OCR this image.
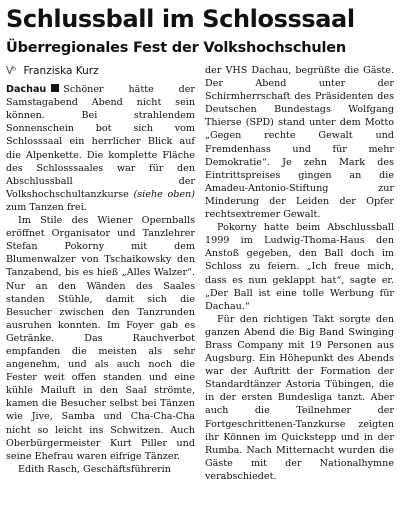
Schlussball im Schlosssaal
Überregionales Fest der Volkshochschulen
Vᵒ Franziska Kurz

Dachau Schöner hätte der Samstagabend Abend nicht sein können. Bei strahlendem Sonnenschein bot sich vom Schlosssaal ein herrlicher Blick auf die Alpenkette. Die komplette Fläche des Schlosssaales war für den Abschlussball der Volkshochschultanzkurse (siehe oben) zum Tanzen frei.

Im Stile des Wiener Opernballs eröffnet Organisator und Tanzlehrer Stefan Pokorny mit dem Blumenwalzer von Tschaikowsky den Tanzabend, bis es hieß „Alles Walzer“. Nur an den Wänden des Saales standen Stühle, damit sich die Besucher zwischen den Tanzrunden ausruhen konnten. Im Foyer gab es Getränke. Das Rauchverbot empfanden die meisten als sehr angenehm, und als auch noch die Fester weit offen standen und eine kühle Mailuft in den Saal strömte, kamen die Besucher selbst bei Tänzen wie Jive, Samba und Cha-Cha-Cha nicht so leicht ins Schwitzen. Auch Oberbürgermeister Kurt Piller und seine Ehefrau waren eifrige Tänzer.

Edith Rasch, Geschäftsführerin

der VHS Dachau, begrüßte die Gäste. Der Abend unter der Schirmherrschaft des Präsidenten des Deutschen Bundestags Wolfgang Thierse (SPD) stand unter dem Motto „Gegen rechte Gewalt und Fremdenhass und für mehr Demokratie“. Je zehn Mark des Eintrittspreises gingen an die Amadeu-Antonio-Stiftung zur Minderung der Leiden der Opfer rechtsextremer Gewalt.

Pokorny hatte beim Abschlussball 1999 im Ludwig-Thoma-Haus den Anstoß gegeben, den Ball doch im Schloss zu feiern. „Ich freue mich, dass es nun geklappt hat“, sagte er. „Der Ball ist eine tolle Werbung für Dachau.“

Für den richtigen Takt sorgte den ganzen Abend die Big Band Swinging Brass Company mit 19 Personen aus Augsburg. Ein Höhepunkt des Abends war der Auftritt der Formation der Standardtänzer Astoria Tübingen, die in der ersten Bundesliga tanzt. Aber auch die Teilnehmer der Fortgeschrittenen-Tanzkurse zeigten ihr Können im Quickstepp und in der Rumba. Nach Mitternacht wurden die Gäste mit der Nationalhymne verabschiedet.
